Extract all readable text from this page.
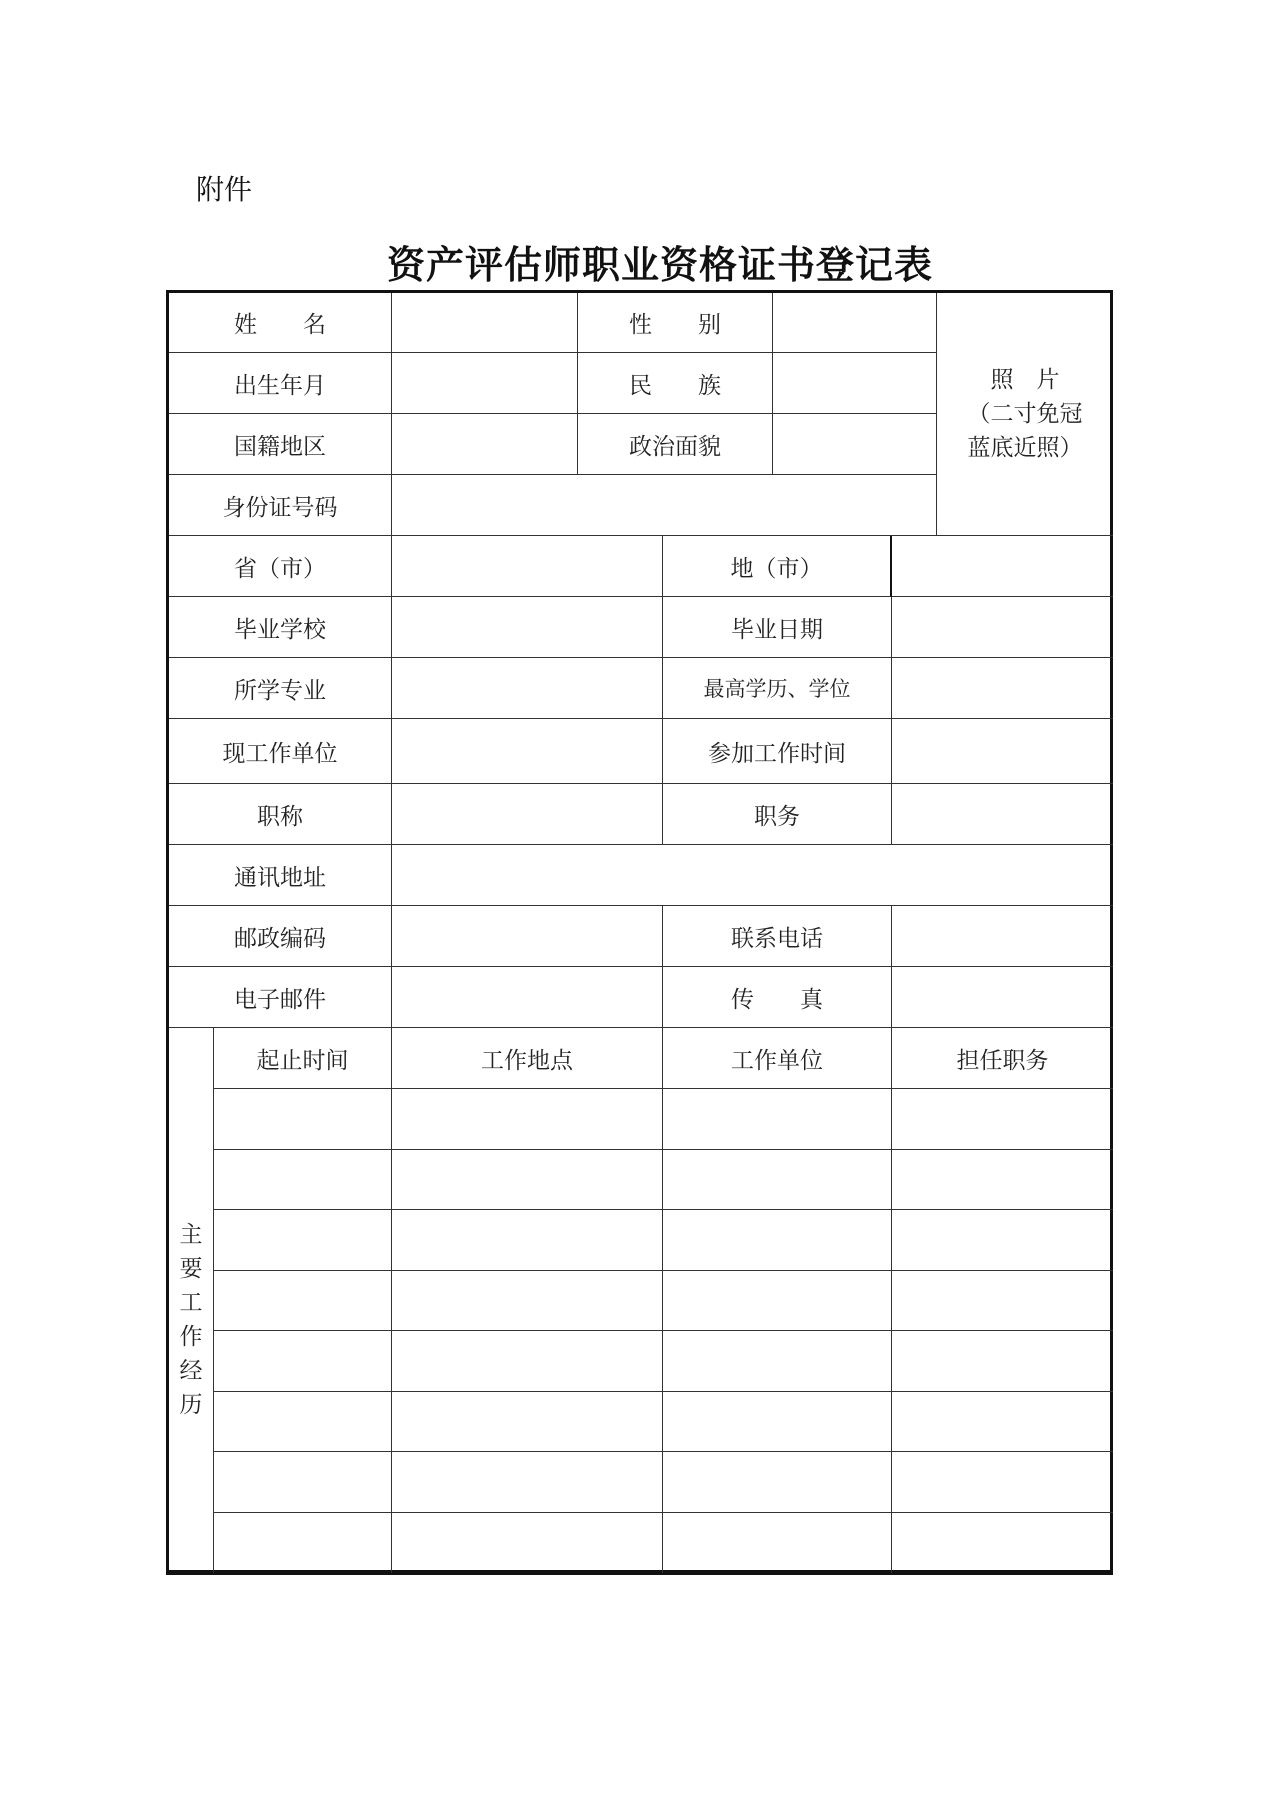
附件
资产评估师职业资格证书登记表
姓　　名	性　　别
照　片
（二寸免冠
蓝底近照）
出生年月	民　　族
国籍地区	政治面貌
身份证号码
省（市）	地（市）
毕业学校	毕业日期
所学专业	最高学历、学位
现工作单位	参加工作时间
职称	职务
通讯地址
邮政编码	联系电话
电子邮件	传　　真
主
要
工
作
经
历
起止时间	工作地点	工作单位	担任职务
